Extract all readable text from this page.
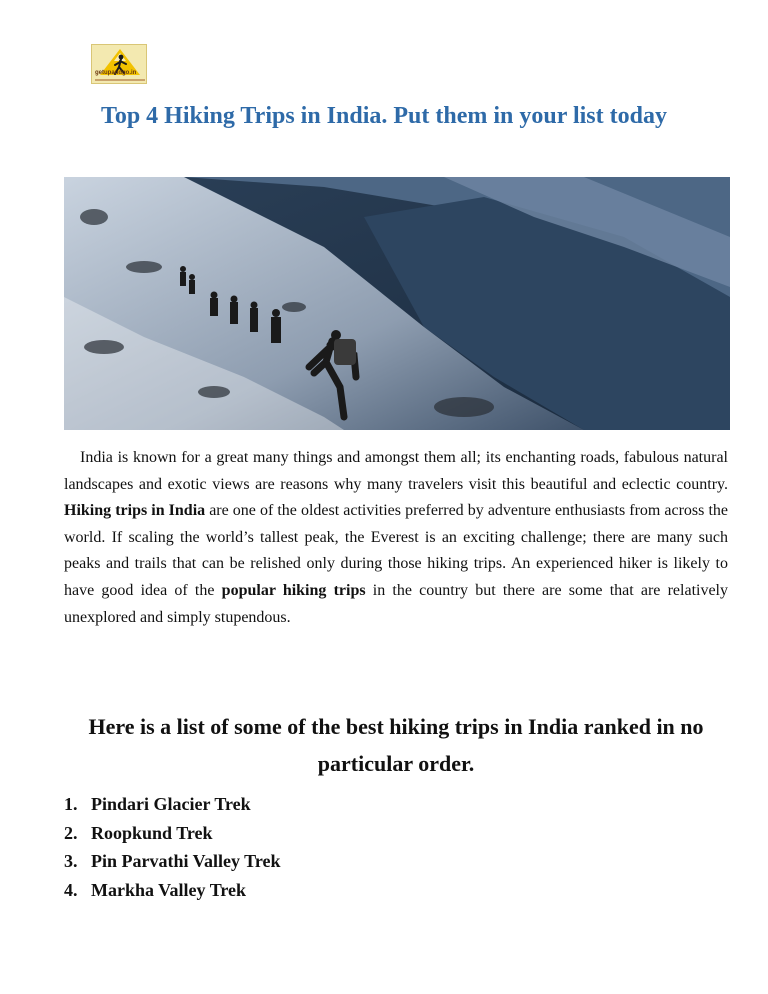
getupandgo.in
Top 4 Hiking Trips in India. Put them in your list today

India is known for a great many things and amongst them all; its enchanting roads, fabulous natural landscapes and exotic views are reasons why many travelers visit this beautiful and eclectic country. Hiking trips in India are one of the oldest activities preferred by adventure enthusiasts from across the world. If scaling the world’s tallest peak, the Everest is an exciting challenge; there are many such peaks and trails that can be relished only during those hiking trips. An experienced hiker is likely to have good idea of the popular hiking trips in the country but there are some that are relatively unexplored and simply stupendous.

Here is a list of some of the best hiking trips in India ranked in no
particular order.
1. Pindari Glacier Trek
2. Roopkund Trek
3. Pin Parvathi Valley Trek
4. Markha Valley Trek
